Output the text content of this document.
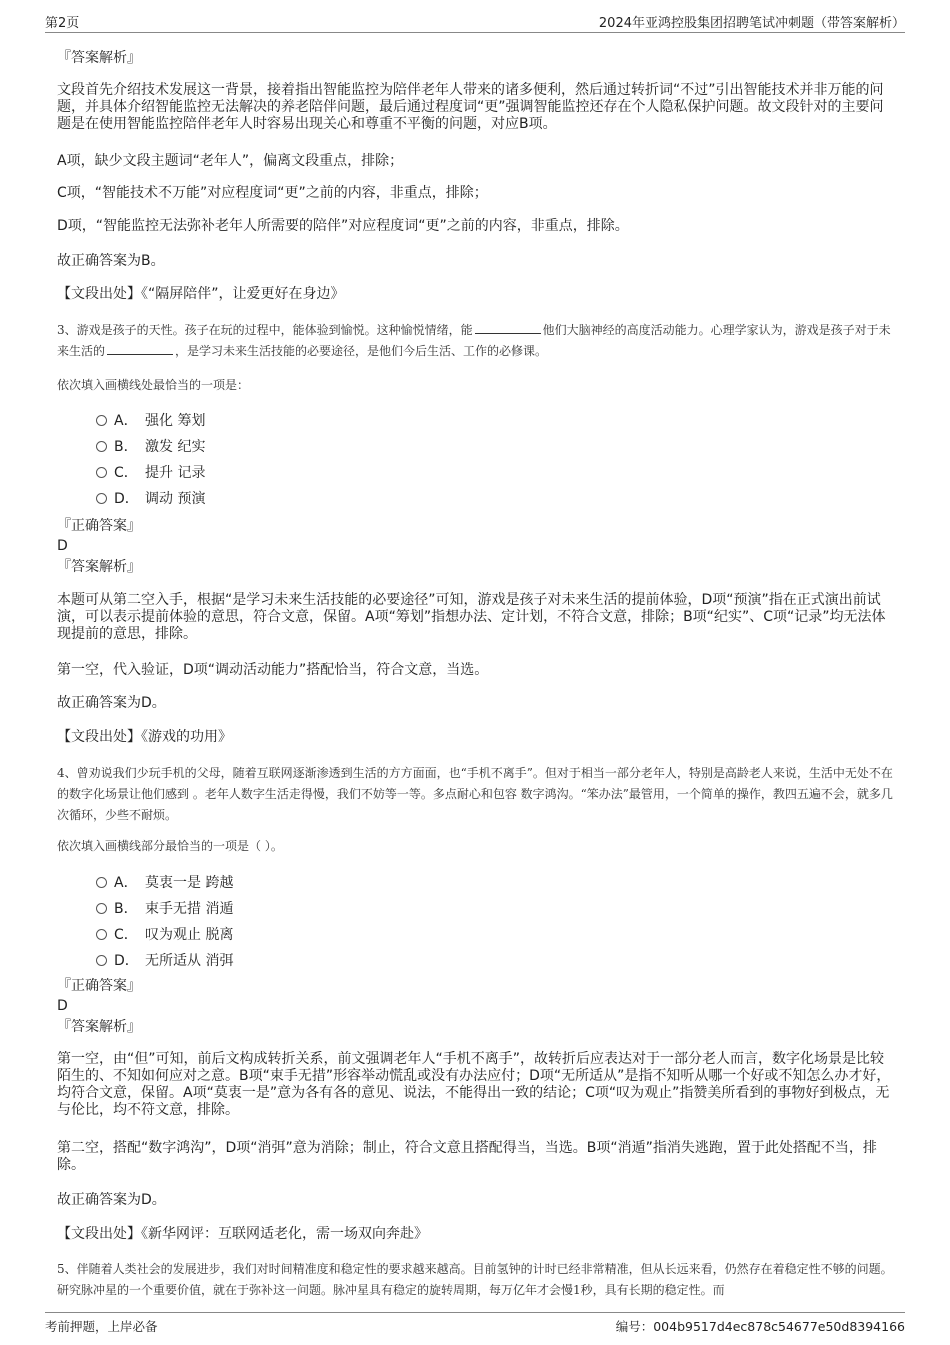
第2页	2024年亚鸿控股集团招聘笔试冲刺题（带答案解析）
『答案解析』
文段首先介绍技术发展这一背景，接着指出智能监控为陪伴老年人带来的诸多便利，然后通过转折词“不过”引出智能技术并非万能的问题，并具体介绍智能监控无法解决的养老陪伴问题，最后通过程度词“更”强调智能监控还存在个人隐私保护问题。故文段针对的主要问题是在使用智能监控陪伴老年人时容易出现关心和尊重不平衡的问题，对应B项。
A项，缺少文段主题词“老年人”，偏离文段重点，排除；
C项，“智能技术不万能”对应程度词“更”之前的内容，非重点，排除；
D项，“智能监控无法弥补老年人所需要的陪伴”对应程度词“更”之前的内容，非重点，排除。
故正确答案为B。
【文段出处】《“隔屏陪伴”，让爱更好在身边》
3、游戏是孩子的天性。孩子在玩的过程中，能体验到愉悦。这种愉悦情绪，能	他们大脑神经的高度活动能力。心理学家认为，游戏是孩子对于未来生活的	，是学习未来生活技能的必要途径，是他们今后生活、工作的必修课。
依次填入画横线处最恰当的一项是：
A． 强化 筹划
B． 激发 纪实
C． 提升 记录
D． 调动 预演
『正确答案』
D
『答案解析』
本题可从第二空入手，根据“是学习未来生活技能的必要途径”可知，游戏是孩子对未来生活的提前体验，D项“预演”指在正式演出前试演，可以表示提前体验的意思，符合文意，保留。A项“筹划”指想办法、定计划，不符合文意，排除；B项“纪实”、C项“记录”均无法体现提前的意思，排除。
第一空，代入验证，D项“调动活动能力”搭配恰当，符合文意，当选。
故正确答案为D。
【文段出处】《游戏的功用》
4、曾劝说我们少玩手机的父母，随着互联网逐渐渗透到生活的方方面面，也“手机不离手”。但对于相当一部分老年人，特别是高龄老人来说，生活中无处不在的数字化场景让他们感到 。老年人数字生活走得慢，我们不妨等一等。多点耐心和包容 数字鸿沟。“笨办法”最管用，一个简单的操作，教四五遍不会，就多几次循环，少些不耐烦。
依次填入画横线部分最恰当的一项是（ ）。
A． 莫衷一是 跨越
B． 束手无措 消遁
C． 叹为观止 脱离
D． 无所适从 消弭
『正确答案』
D
『答案解析』
第一空，由“但”可知，前后文构成转折关系，前文强调老年人“手机不离手”，故转折后应表达对于一部分老人而言，数字化场景是比较陌生的、不知如何应对之意。B项“束手无措”形容举动慌乱或没有办法应付；D项“无所适从”是指不知听从哪一个好或不知怎么办才好，均符合文意，保留。A项“莫衷一是”意为各有各的意见、说法，不能得出一致的结论；C项“叹为观止”指赞美所看到的事物好到极点，无与伦比，均不符文意，排除。
第二空，搭配“数字鸿沟”，D项“消弭”意为消除；制止，符合文意且搭配得当，当选。B项“消遁”指消失逃跑，置于此处搭配不当，排除。
故正确答案为D。
【文段出处】《新华网评：互联网适老化，需一场双向奔赴》
5、伴随着人类社会的发展进步，我们对时间精准度和稳定性的要求越来越高。目前氢钟的计时已经非常精准，但从长远来看，仍然存在着稳定性不够的问题。研究脉冲星的一个重要价值，就在于弥补这一问题。脉冲星具有稳定的旋转周期，每万亿年才会慢1秒，具有长期的稳定性。而
考前押题，上岸必备	编号：004b9517d4ec878c54677e50d8394166
